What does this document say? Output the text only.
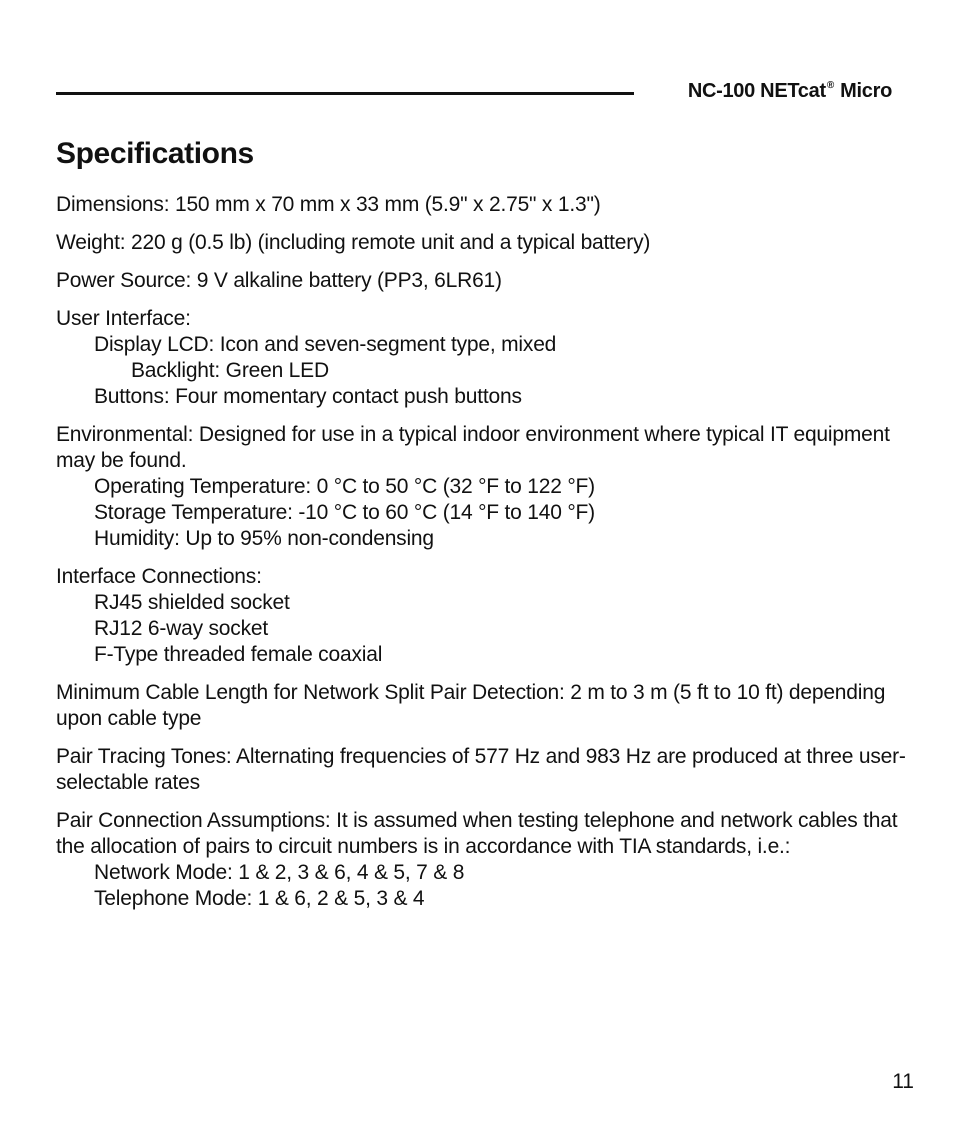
NC-100 NETcat® Micro
Specifications
Dimensions: 150 mm x 70 mm x 33 mm (5.9" x 2.75" x 1.3")
Weight: 220 g (0.5 lb) (including remote unit and a typical battery)
Power Source: 9 V alkaline battery (PP3, 6LR61)
User Interface:
Display LCD: Icon and seven-segment type, mixed
Backlight: Green LED
Buttons: Four momentary contact push buttons
Environmental: Designed for use in a typical indoor environment where typical IT equipment may be found.
Operating Temperature: 0 °C to 50 °C (32 °F to 122 °F)
Storage Temperature: -10 °C to 60 °C (14 °F to 140 °F)
Humidity: Up to 95% non-condensing
Interface Connections:
RJ45 shielded socket
RJ12 6-way socket
F-Type threaded female coaxial
Minimum Cable Length for Network Split Pair Detection: 2 m to 3 m (5 ft to 10 ft) depending upon cable type
Pair Tracing Tones: Alternating frequencies of 577 Hz and 983 Hz are produced at three user-selectable rates
Pair Connection Assumptions: It is assumed when testing telephone and network cables that the allocation of pairs to circuit numbers is in accordance with TIA standards, i.e.:
Network Mode: 1 & 2, 3 & 6, 4 & 5, 7 & 8
Telephone Mode: 1 & 6, 2 & 5, 3 & 4
11
